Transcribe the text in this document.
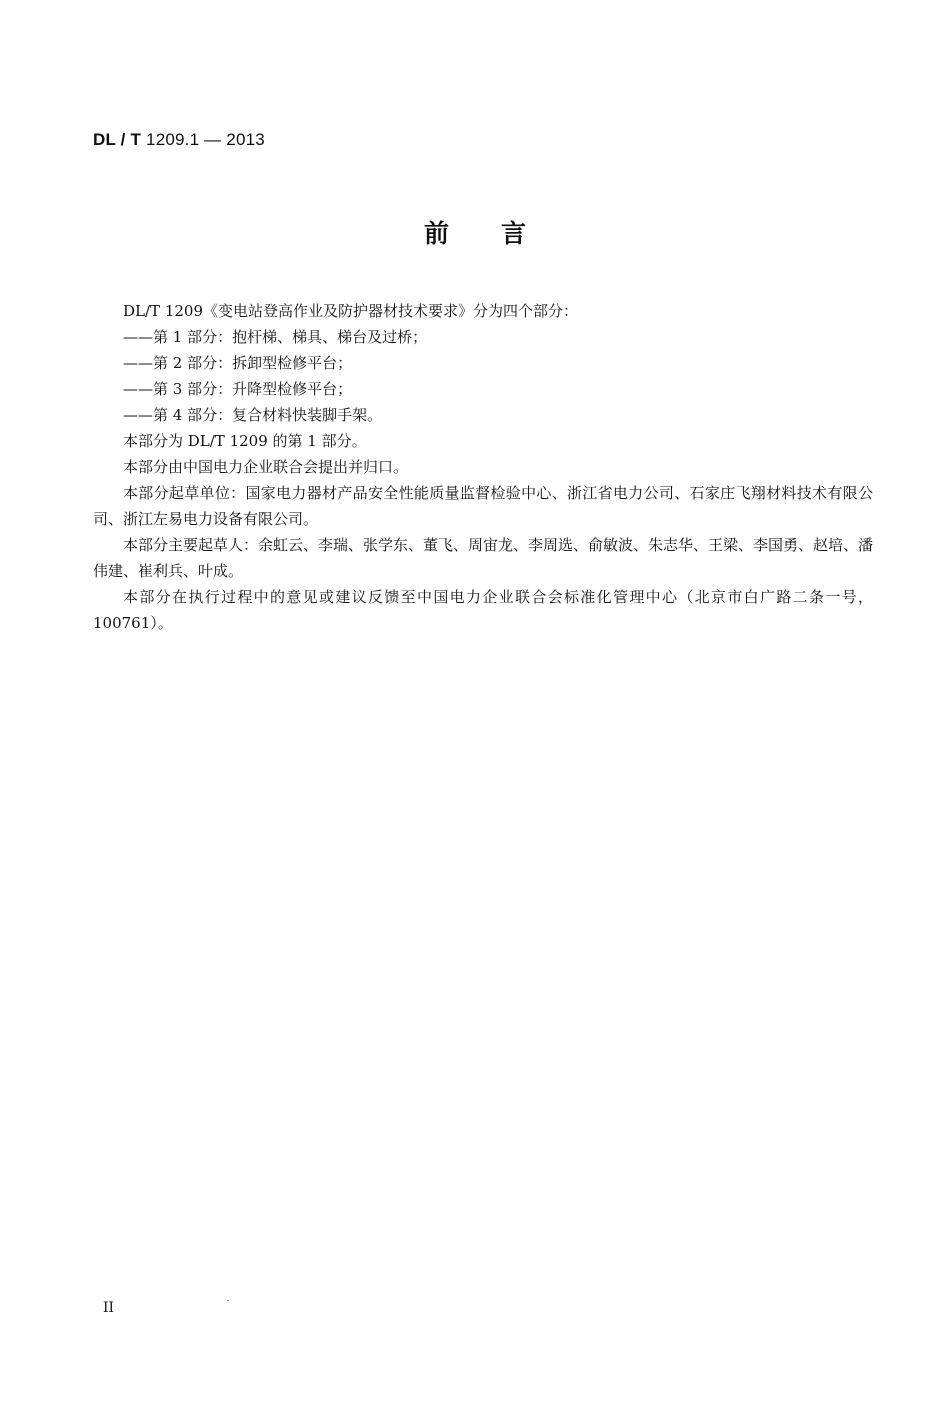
DL / T 1209.1 — 2013
前言

DL/T 1209《变电站登高作业及防护器材技术要求》分为四个部分：

——第 1 部分：抱杆梯、梯具、梯台及过桥；

——第 2 部分：拆卸型检修平台；

——第 3 部分：升降型检修平台；

——第 4 部分：复合材料快装脚手架。

本部分为 DL/T 1209 的第 1 部分。

本部分由中国电力企业联合会提出并归口。

本部分起草单位：国家电力器材产品安全性能质量监督检验中心、浙江省电力公司、石家庄飞翔材料技术有限公司、浙江左易电力设备有限公司。

本部分主要起草人：余虹云、李瑞、张学东、董飞、周宙龙、李周选、俞敏波、朱志华、王梁、李国勇、赵培、潘伟建、崔利兵、叶成。

本部分在执行过程中的意见或建议反馈至中国电力企业联合会标准化管理中心（北京市白广路二条一号，100761）。

II
